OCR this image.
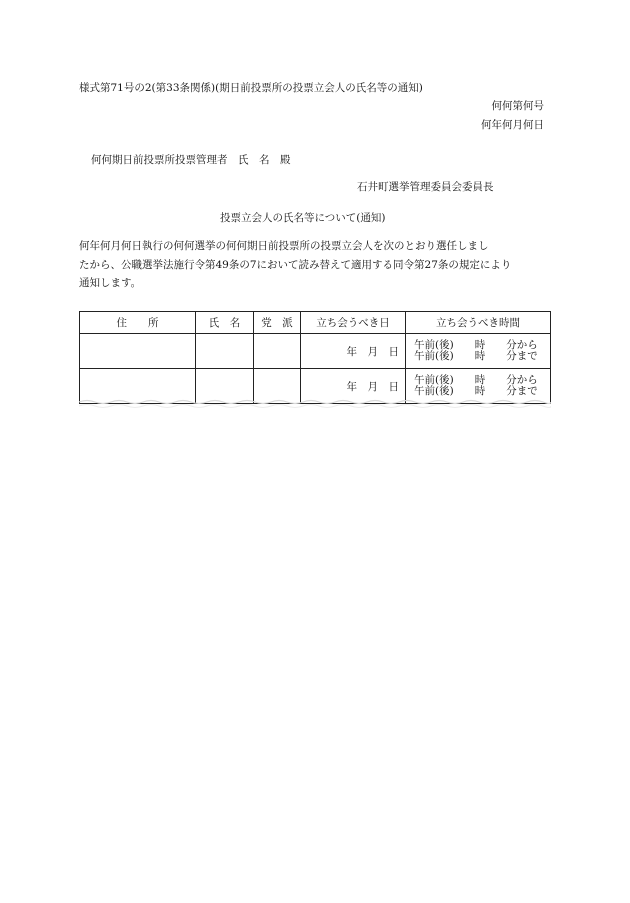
様式第71号の2(第33条関係)(期日前投票所の投票立会人の氏名等の通知)
何何第何号
何年何月何日
何何期日前投票所投票管理者　氏　名　殿
石井町選挙管理委員会委員長
投票立会人の氏名等について(通知)
何年何月何日執行の何何選挙の何何期日前投票所の投票立会人を次のとおり選任しまし
たから、公職選挙法施行令第49条の7において読み替えて適用する同令第27条の規定により
通知します。
住　　所	氏　名	党　派	立ち会うべき日	立ち会うべき時間
			年　月　日	午前(後)　　時　　分から
午前(後)　　時　　分まで

			年　月　日	午前(後)　　時　　分から
午前(後)　　時　　分まで
